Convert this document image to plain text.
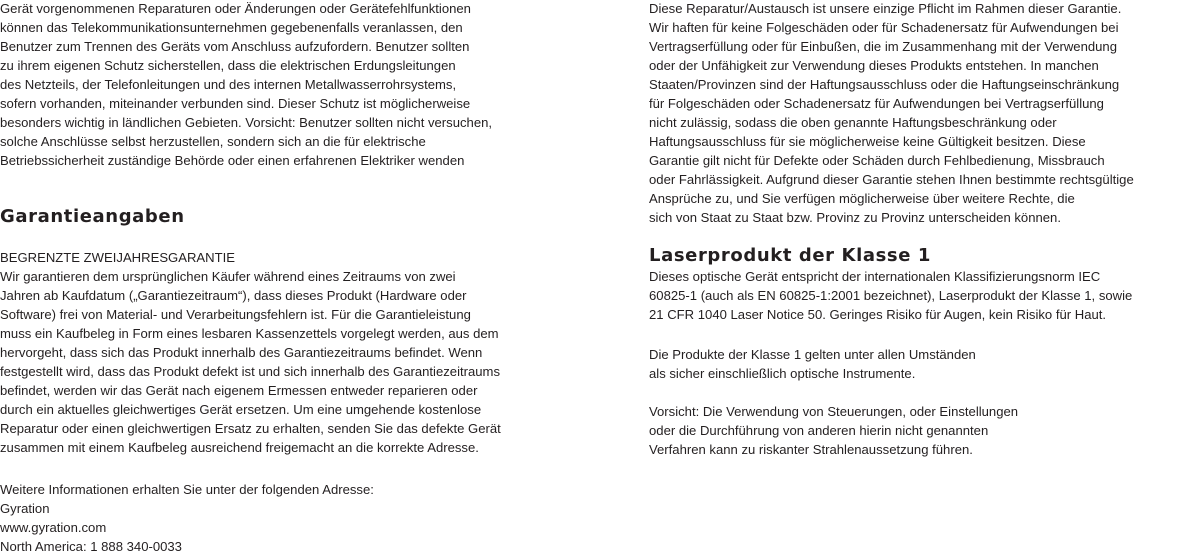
Gerät vorgenommenen Reparaturen oder Änderungen oder Gerätefehlfunktionen
können das Telekommunikationsunternehmen gegebenenfalls veranlassen, den
Benutzer zum Trennen des Geräts vom Anschluss aufzufordern. Benutzer sollten
zu ihrem eigenen Schutz sicherstellen, dass die elektrischen Erdungsleitungen
des Netzteils, der Telefonleitungen und des internen Metallwasserrohrsystems,
sofern vorhanden, miteinander verbunden sind. Dieser Schutz ist möglicherweise
besonders wichtig in ländlichen Gebieten. Vorsicht: Benutzer sollten nicht versuchen,
solche Anschlüsse selbst herzustellen, sondern sich an die für elektrische
Betriebssicherheit zuständige Behörde oder einen erfahrenen Elektriker wenden
Garantieangaben
BEGRENZTE ZWEIJAHRESGARANTIE
Wir garantieren dem ursprünglichen Käufer während eines Zeitraums von zwei
Jahren ab Kaufdatum („Garantiezeitraum“), dass dieses Produkt (Hardware oder
Software) frei von Material- und Verarbeitungsfehlern ist. Für die Garantieleistung
muss ein Kaufbeleg in Form eines lesbaren Kassenzettels vorgelegt werden, aus dem
hervorgeht, dass sich das Produkt innerhalb des Garantiezeitraums befindet. Wenn
festgestellt wird, dass das Produkt defekt ist und sich innerhalb des Garantiezeitraums
befindet, werden wir das Gerät nach eigenem Ermessen entweder reparieren oder
durch ein aktuelles gleichwertiges Gerät ersetzen. Um eine umgehende kostenlose
Reparatur oder einen gleichwertigen Ersatz zu erhalten, senden Sie das defekte Gerät
zusammen mit einem Kaufbeleg ausreichend freigemacht an die korrekte Adresse.
Weitere Informationen erhalten Sie unter der folgenden Adresse:
Gyration
www.gyration.com
North America: 1 888 340-0033
Diese Reparatur/Austausch ist unsere einzige Pflicht im Rahmen dieser Garantie.
Wir haften für keine Folgeschäden oder für Schadenersatz für Aufwendungen bei
Vertragserfüllung oder für Einbußen, die im Zusammenhang mit der Verwendung
oder der Unfähigkeit zur Verwendung dieses Produkts entstehen. In manchen
Staaten/Provinzen sind der Haftungsausschluss oder die Haftungseinschränkung
für Folgeschäden oder Schadenersatz für Aufwendungen bei Vertragserfüllung
nicht zulässig, sodass die oben genannte Haftungsbeschränkung oder
Haftungsausschluss für sie möglicherweise keine Gültigkeit besitzen. Diese
Garantie gilt nicht für Defekte oder Schäden durch Fehlbedienung, Missbrauch
oder Fahrlässigkeit. Aufgrund dieser Garantie stehen Ihnen bestimmte rechtsgültige
Ansprüche zu, und Sie verfügen möglicherweise über weitere Rechte, die
sich von Staat zu Staat bzw. Provinz zu Provinz unterscheiden können.
Laserprodukt der Klasse 1
Dieses optische Gerät entspricht der internationalen Klassifizierungsnorm IEC
60825-1 (auch als EN 60825-1:2001 bezeichnet), Laserprodukt der Klasse 1, sowie
21 CFR 1040 Laser Notice 50. Geringes Risiko für Augen, kein Risiko für Haut.
Die Produkte der Klasse 1 gelten unter allen Umständen
als sicher einschließlich optische Instrumente.
Vorsicht: Die Verwendung von Steuerungen, oder Einstellungen
oder die Durchführung von anderen hierin nicht genannten
Verfahren kann zu riskanter Strahlenaussetzung führen.
